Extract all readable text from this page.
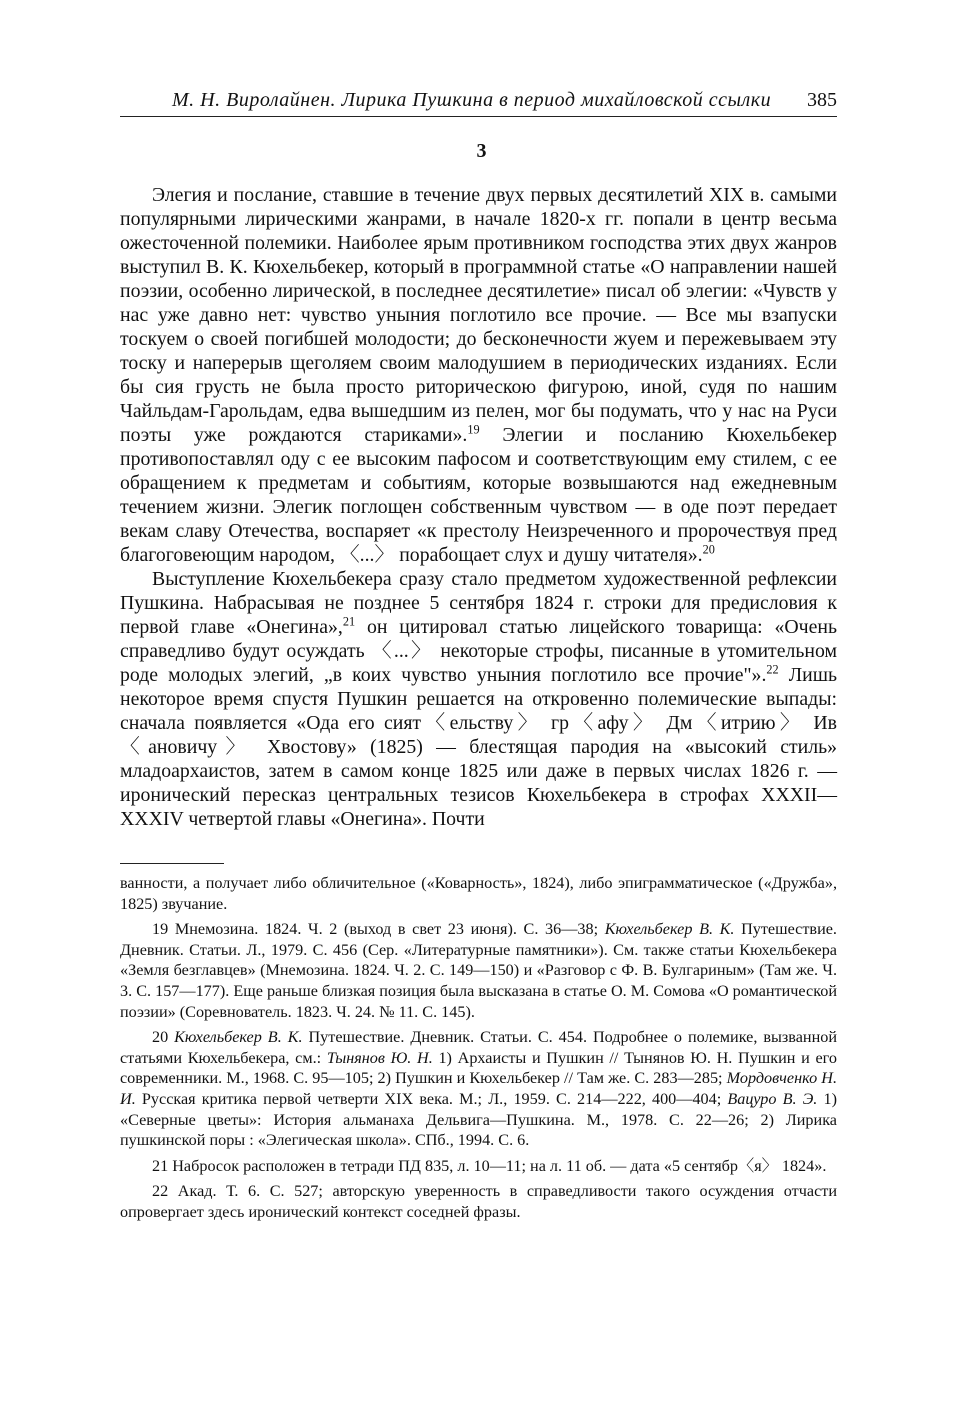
М. Н. Виролайнен. Лирика Пушкина в период михайловской ссылки 385
3

Элегия и послание, ставшие в течение двух первых десятилетий XIX в. самыми популярными лирическими жанрами, в начале 1820-х гг. попали в центр весьма ожесточенной полемики. Наиболее ярым противником господства этих двух жанров выступил В. К. Кюхельбекер, который в программной статье «О направлении нашей поэзии, особенно лирической, в последнее десятилетие» писал об элегии: «Чувств у нас уже давно нет: чувство уныния поглотило все прочие. — Все мы взапуски тоскуем о своей погибшей молодости; до бесконечности жуем и пережевываем эту тоску и наперерыв щеголяем своим малодушием в периодических изданиях. Если бы сия грусть не была просто риторическою фигурою, иной, судя по нашим Чайльдам-Гарольдам, едва вышедшим из пелен, мог бы подумать, что у нас на Руси поэты уже рождаются стариками».$^{19}$ Элегии и посланию Кюхельбекер противопоставлял оду с ее высоким пафосом и соответствующим ему стилем, с ее обращением к предметам и событиям, которые возвышаются над ежедневным течением жизни. Элегик поглощен собственным чувством — в оде поэт передает векам славу Отечества, воспаряет «к престолу Неизреченного и пророчествуя пред благоговеющим народом, 〈...〉 порабощает слух и душу читателя».$^{20}$

Выступление Кюхельбекера сразу стало предметом художественной рефлексии Пушкина. Набрасывая не позднее 5 сентября 1824 г. строки для предисловия к первой главе «Онегина»,$^{21}$ он цитировал статью лицейского товарища: «Очень справедливо будут осуждать 〈...〉 некоторые строфы, писанные в утомительном роде молодых элегий, „в коих чувство уныния поглотило все прочие"».$^{22}$ Лишь некоторое время спустя Пушкин решается на откровенно полемические выпады: сначала появляется «Ода его сият〈ельству〉 гр〈афу〉 Дм〈итрию〉 Ив〈ановичу〉 Хвостову» (1825) — блестящая пародия на «высокий стиль» младоархаистов, затем в самом конце 1825 или даже в первых числах 1826 г. — иронический пересказ центральных тезисов Кюхельбекера в строфах XXXII—XXXIV четвертой главы «Онегина». Почти

ванности, а получает либо обличительное («Коварность», 1824), либо эпиграмматическое («Дружба», 1825) звучание.

19 Мнемозина. 1824. Ч. 2 (выход в свет 23 июня). С. 36—38; Кюхельбекер В. К. Путешествие. Дневник. Статьи. Л., 1979. С. 456 (Сер. «Литературные памятники»). См. также статьи Кюхельбекера «Земля безглавцев» (Мнемозина. 1824. Ч. 2. С. 149—150) и «Разговор с Ф. В. Булгариным» (Там же. Ч. 3. С. 157—177). Еще раньше близкая позиция была высказана в статье О. М. Сомова «О романтической поэзии» (Соревнователь. 1823. Ч. 24. № 11. С. 145).

20 Кюхельбекер В. К. Путешествие. Дневник. Статьи. С. 454. Подробнее о полемике, вызванной статьями Кюхельбекера, см.: Тынянов Ю. Н. 1) Архаисты и Пушкин // Тынянов Ю. Н. Пушкин и его современники. М., 1968. С. 95—105; 2) Пушкин и Кюхельбекер // Там же. С. 283—285; Мордовченко Н. И. Русская критика первой четверти XIX века. М.; Л., 1959. С. 214—222, 400—404; Вацуро В. Э. 1) «Северные цветы»: История альманаха Дельвига—Пушкина. М., 1978. С. 22—26; 2) Лирика пушкинской поры : «Элегическая школа». СПб., 1994. С. 6.

21 Набросок расположен в тетради ПД 835, л. 10—11; на л. 11 об. — дата «5 сентябр〈я〉 1824».

22 Акад. Т. 6. С. 527; авторскую уверенность в справедливости такого осуждения отчасти опровергает здесь иронический контекст соседней фразы.
